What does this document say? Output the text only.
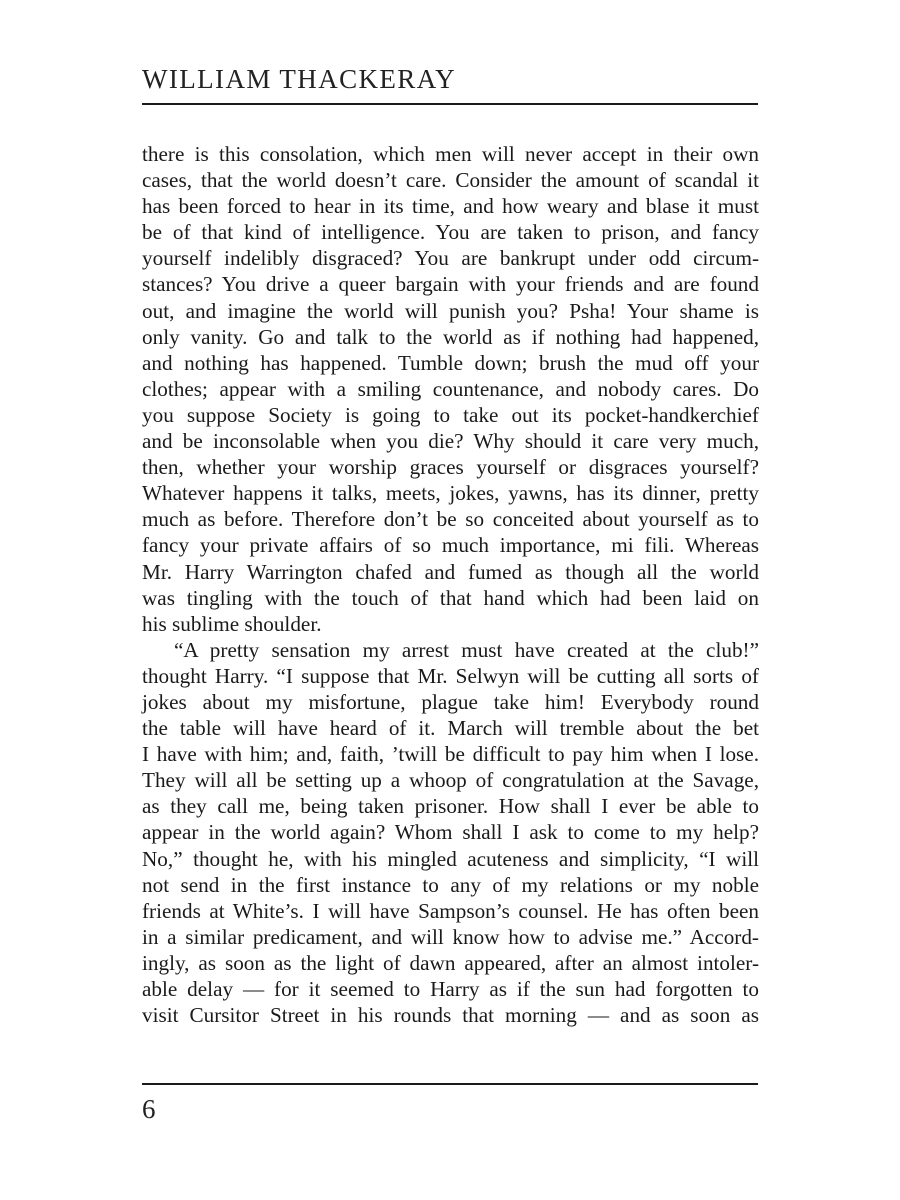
WILLIAM THACKERAY
there is this consolation, which men will never accept in their own
cases, that the world doesn’t care. Consider the amount of scandal it
has been forced to hear in its time, and how weary and blase it must
be of that kind of intelligence. You are taken to prison, and fancy
yourself indelibly disgraced? You are bankrupt under odd circum-
stances? You drive a queer bargain with your friends and are found
out, and imagine the world will punish you? Psha! Your shame is
only vanity. Go and talk to the world as if nothing had happened,
and nothing has happened. Tumble down; brush the mud off your
clothes; appear with a smiling countenance, and nobody cares. Do
you suppose Society is going to take out its pocket-handkerchief
and be inconsolable when you die? Why should it care very much,
then, whether your worship graces yourself or disgraces yourself?
Whatever happens it talks, meets, jokes, yawns, has its dinner, pretty
much as before. Therefore don’t be so conceited about yourself as to
fancy your private affairs of so much importance, mi fili. Whereas
Mr. Harry Warrington chafed and fumed as though all the world
was tingling with the touch of that hand which had been laid on
his sublime shoulder.
“A pretty sensation my arrest must have created at the club!”
thought Harry. “I suppose that Mr. Selwyn will be cutting all sorts of
jokes about my misfortune, plague take him! Everybody round
the table will have heard of it. March will tremble about the bet
I have with him; and, faith, ’twill be difficult to pay him when I lose.
They will all be setting up a whoop of congratulation at the Savage,
as they call me, being taken prisoner. How shall I ever be able to
appear in the world again? Whom shall I ask to come to my help?
No,” thought he, with his mingled acuteness and simplicity, “I will
not send in the first instance to any of my relations or my noble
friends at White’s. I will have Sampson’s counsel. He has often been
in a similar predicament, and will know how to advise me.” Accord-
ingly, as soon as the light of dawn appeared, after an almost intoler-
able delay — for it seemed to Harry as if the sun had forgotten to
visit Cursitor Street in his rounds that morning — and as soon as
6
